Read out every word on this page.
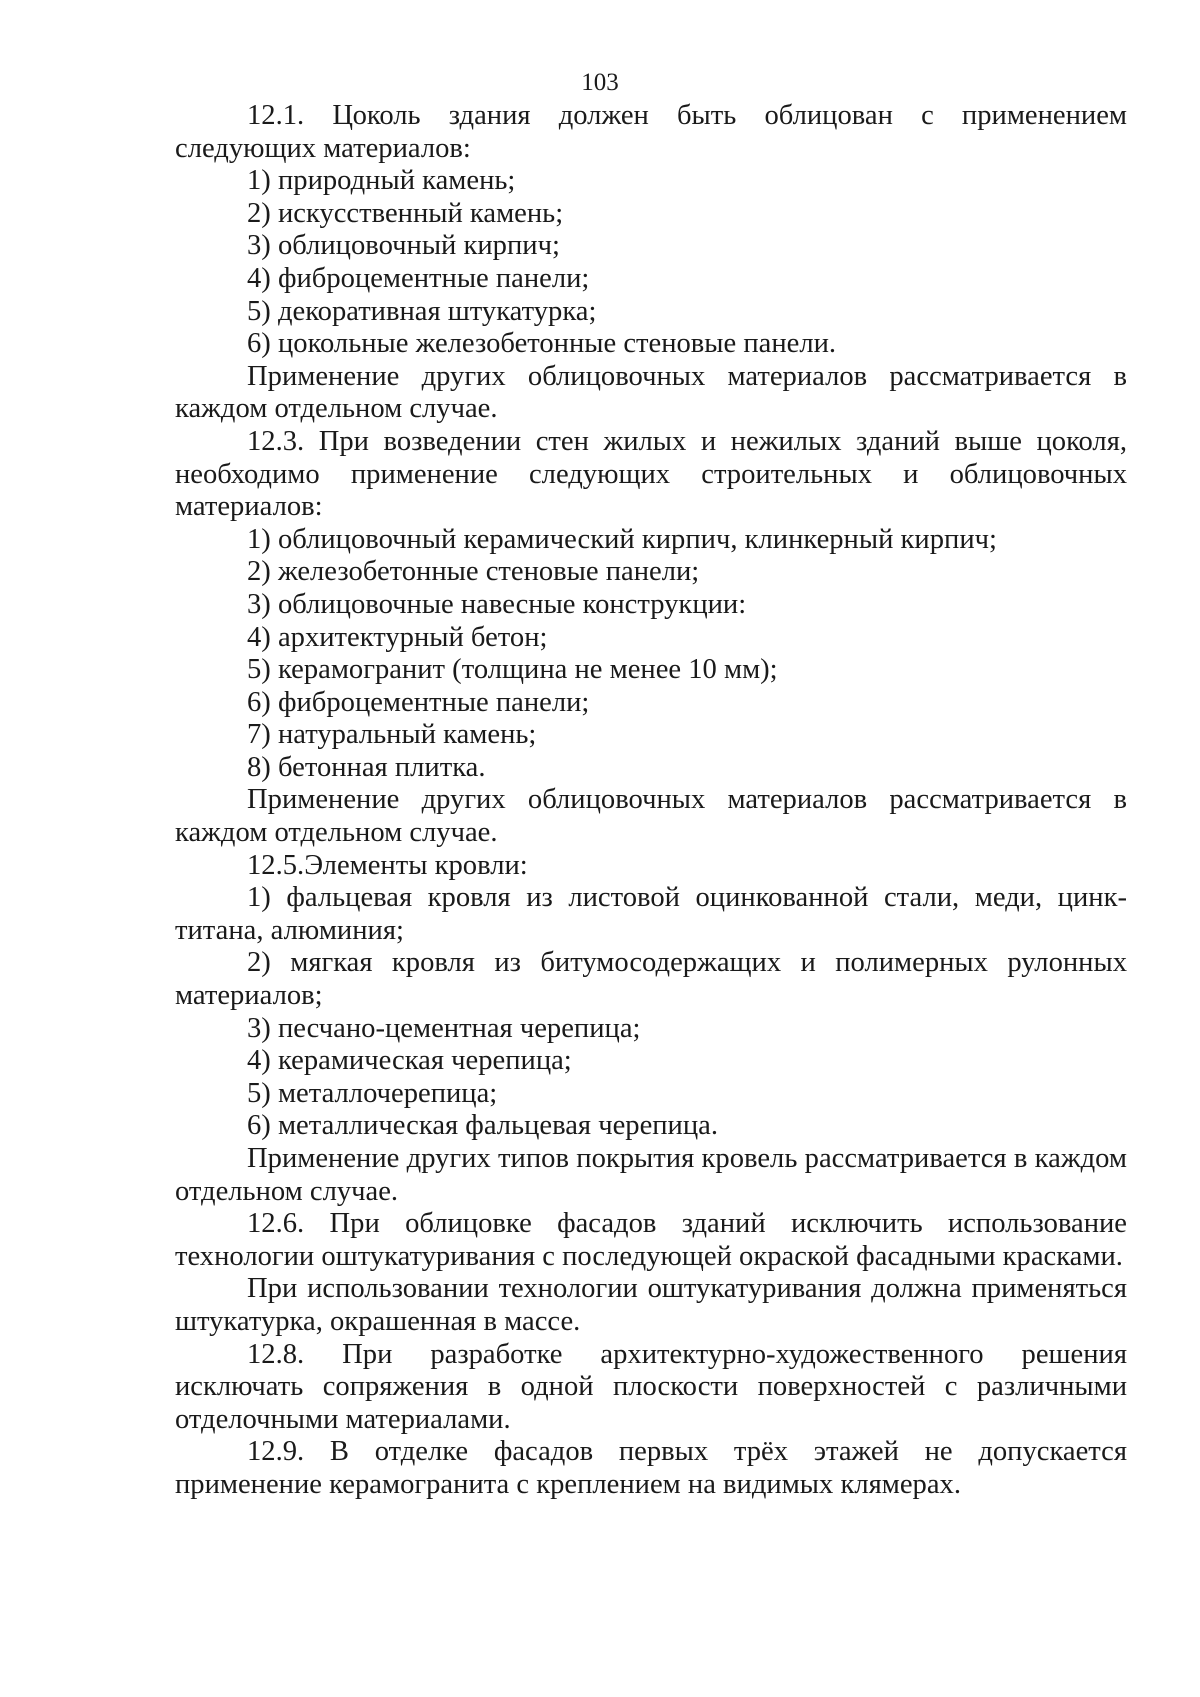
103

12.1. Цоколь здания должен быть облицован с применением следующих материалов:

1) природный камень;

2) искусственный камень;

3) облицовочный кирпич;

4) фиброцементные панели;

5) декоративная штукатурка;

6) цокольные железобетонные стеновые панели.

Применение других облицовочных материалов рассматривается в каждом отдельном случае.

12.3. При возведении стен жилых и нежилых зданий выше цоколя, необходимо применение следующих строительных и облицовочных материалов:

1) облицовочный керамический кирпич, клинкерный кирпич;

2) железобетонные стеновые панели;

3) облицовочные навесные конструкции:

4) архитектурный бетон;

5) керамогранит (толщина не менее 10 мм);

6) фиброцементные панели;

7) натуральный камень;

8) бетонная плитка.

Применение других облицовочных материалов рассматривается в каждом отдельном случае.

12.5.Элементы кровли:

1) фальцевая кровля из листовой оцинкованной стали, меди, цинк-титана, алюминия;

2) мягкая кровля из битумосодержащих и полимерных рулонных материалов;

3) песчано-цементная черепица;

4) керамическая черепица;

5) металлочерепица;

6) металлическая фальцевая черепица.

Применение других типов покрытия кровель рассматривается в каждом отдельном случае.

12.6. При облицовке фасадов зданий исключить использование технологии оштукатуривания с последующей окраской фасадными красками.

При использовании технологии оштукатуривания должна применяться штукатурка, окрашенная в массе.

12.8. При разработке архитектурно-художественного решения исключать сопряжения в одной плоскости поверхностей с различными отделочными материалами.

12.9. В отделке фасадов первых трёх этажей не допускается применение керамогранита с креплением на видимых клямерах.
